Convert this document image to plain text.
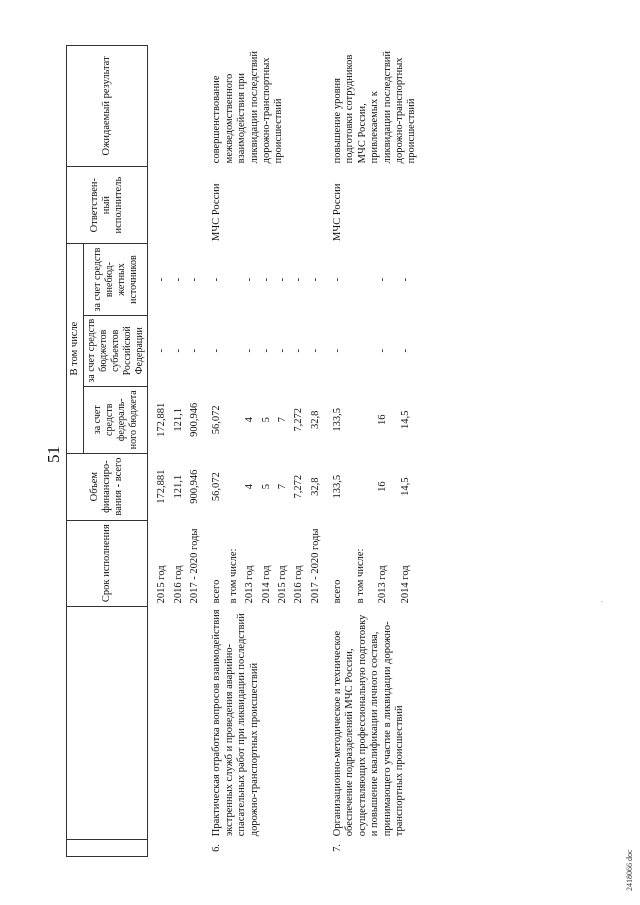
51
		Срок исполнения	Объем финансиро-вания - всего	В том числе			Ответствен-ный исполнитель	Ожидаемый результат
				за счет средств федераль-ного бюджета	за счет средств бюджетов субъектов Российской Федерации	за счет средств внебюд-жетных источников		

		2015 год	172,881	172,881	-	-		
		2016 год	121,1	121,1	-	-		
		2017 - 2020 годы	900,946	900,946	-	-		

6.	Практическая отработка вопросов взаимодействия экстренных служб и проведения аварийно-спасательных работ при ликвидации последствий дорожно-транспортных происшествий	всего	56,072	56,072	-	-	МЧС России	совершенствование межведомственного взаимодействия при ликвидации последствий дорожно-транспортных происшествий
		в том числе:						
		2013 год	4	4	-	-		
		2014 год	5	5	-	-		
		2015 год	7	7	-	-		
		2016 год	7,272	7,272	-	-		
		2017 - 2020 годы	32,8	32,8	-	-		

7.	Организационно-методическое и техническое обеспечение подразделений МЧС России, осуществляющих профессиональную подготовку и повышение квалификации личного состава, принимающего участие в ликвидации дорожно-транспортных происшествий	всего	133,5	133,5	-	-	МЧС России	повышение уровня подготовки сотрудников МЧС России, привлекаемых к ликвидации последствий дорожно-транспортных происшествий
		в том числе:						
		2013 год	16	16	-	-		
		2014 год	14,5	14,5	-	-		
·
2418066 doc
